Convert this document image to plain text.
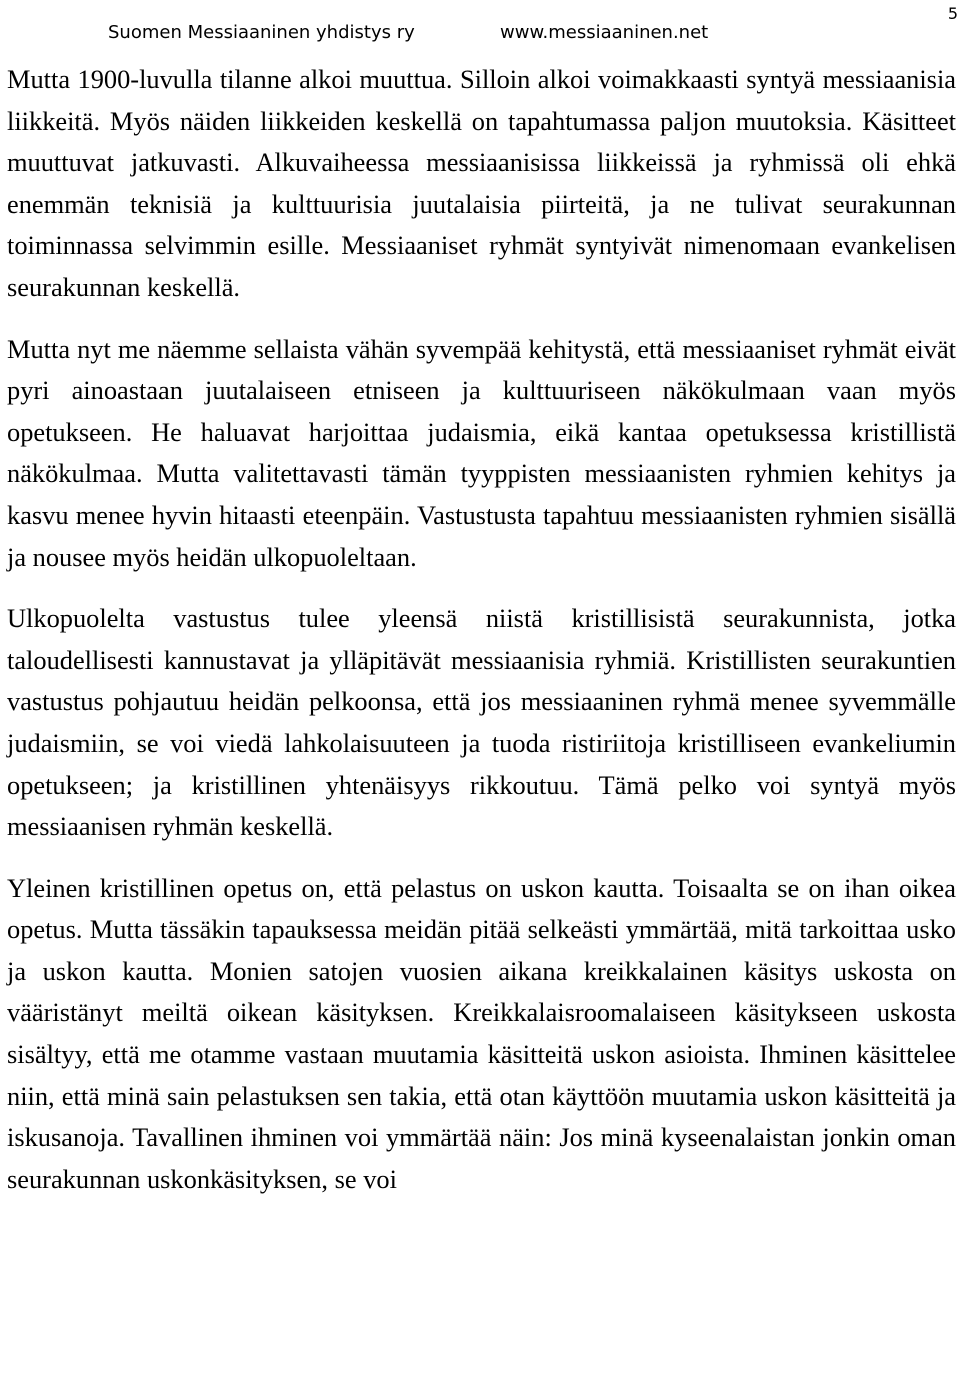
Suomen Messiaaninen yhdistys ry	www.messiaaninen.net
5

Mutta 1900-luvulla tilanne alkoi muuttua. Silloin alkoi voimakkaasti syntyä messiaanisia liikkeitä. Myös näiden liikkeiden keskellä on tapahtumassa paljon muutoksia. Käsitteet muuttuvat jatkuvasti. Alkuvaiheessa messiaanisissa liikkeissä ja ryhmissä oli ehkä enemmän teknisiä ja kulttuurisia juutalaisia piirteitä, ja ne tulivat seurakunnan toiminnassa selvimmin esille. Messiaaniset ryhmät syntyivät nimenomaan evankelisen seurakunnan keskellä.

Mutta nyt me näemme sellaista vähän syvempää kehitystä, että messiaaniset ryhmät eivät pyri ainoastaan juutalaiseen etniseen ja kulttuuriseen näkökulmaan vaan myös opetukseen. He haluavat harjoittaa judaismia, eikä kantaa opetuksessa kristillistä näkökulmaa. Mutta valitettavasti tämän tyyppisten messiaanisten ryhmien kehitys ja kasvu menee hyvin hitaasti eteenpäin. Vastustusta tapahtuu messiaanisten ryhmien sisällä ja nousee myös heidän ulkopuoleltaan.

Ulkopuolelta vastustus tulee yleensä niistä kristillisistä seurakunnista, jotka taloudellisesti kannustavat ja ylläpitävät messiaanisia ryhmiä. Kristillisten seurakuntien vastustus pohjautuu heidän pelkoonsa, että jos messiaaninen ryhmä menee syvemmälle judaismiin, se voi viedä lahkolaisuuteen ja tuoda ristiriitoja kristilliseen evankeliumin opetukseen; ja kristillinen yhtenäisyys rikkoutuu. Tämä pelko voi syntyä myös messiaanisen ryhmän keskellä.

Yleinen kristillinen opetus on, että pelastus on uskon kautta. Toisaalta se on ihan oikea opetus. Mutta tässäkin tapauksessa meidän pitää selkeästi ymmärtää, mitä tarkoittaa usko ja uskon kautta. Monien satojen vuosien aikana kreikkalainen käsitys uskosta on vääristänyt meiltä oikean käsityksen. Kreikkalaisroomalaiseen käsitykseen uskosta sisältyy, että me otamme vastaan muutamia käsitteitä uskon asioista. Ihminen käsittelee niin, että minä sain pelastuksen sen takia, että otan käyttöön muutamia uskon käsitteitä ja iskusanoja. Tavallinen ihminen voi ymmärtää näin: Jos minä kyseenalaistan jonkin oman seurakunnan uskonkäsityksen, se voi
